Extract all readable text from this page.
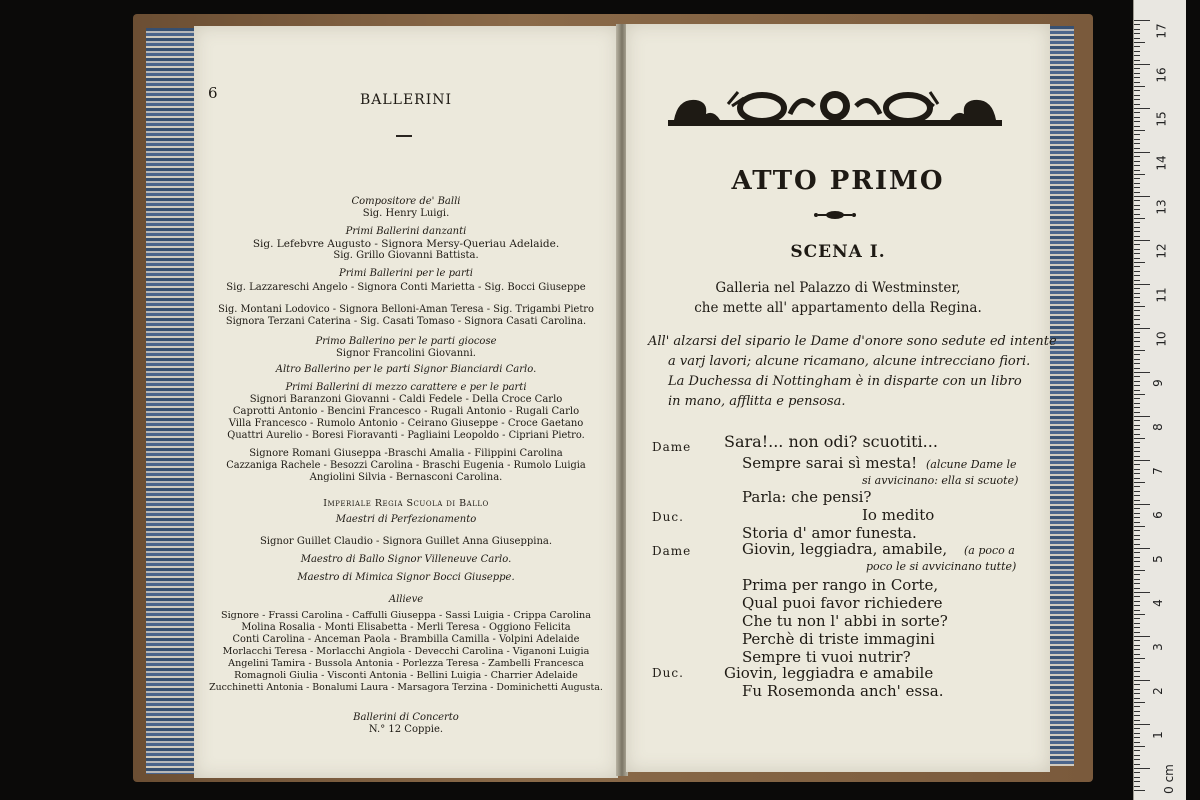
6	BALLERINI
Compositore de' Balli
Sig. Henry Luigi.
Primi Ballerini danzanti
Sig. Lefebvre Augusto - Signora Mersy-Queriau Adelaide.
Sig. Grillo Giovanni Battista.
Primi Ballerini per le parti
Sig. Lazzareschi Angelo - Signora Conti Marietta - Sig. Bocci Giuseppe
Sig. Montani Lodovico - Signora Belloni-Aman Teresa - Sig. Trigambi Pietro
Signora Terzani Caterina - Sig. Casati Tomaso - Signora Casati Carolina.
Primo Ballerino per le parti giocose
Signor Francolini Giovanni.
Altro Ballerino per le parti Signor Bianciardi Carlo.
Primi Ballerini di mezzo carattere e per le parti
Signori Baranzoni Giovanni - Caldi Fedele - Della Croce Carlo
Caprotti Antonio - Bencini Francesco - Rugali Antonio - Rugali Carlo
Villa Francesco - Rumolo Antonio - Ceirano Giuseppe - Croce Gaetano
Quattri Aurelio - Boresi Fioravanti - Pagliaini Leopoldo - Cipriani Pietro.
Signore Romani Giuseppa -Braschi Amalia - Filippini Carolina
Cazzaniga Rachele - Besozzi Carolina - Braschi Eugenia - Rumolo Luigia
Angiolini Silvia - Bernasconi Carolina.
Imperiale Regia Scuola di Ballo
Maestri di Perfezionamento
Signor Guillet Claudio - Signora Guillet Anna Giuseppina.
Maestro di Ballo Signor Villeneuve Carlo.
Maestro di Mimica Signor Bocci Giuseppe.
Allieve
Signore - Frassi Carolina - Caffulli Giuseppa - Sassi Luigia - Crippa Carolina
Molina Rosalia - Monti Elisabetta - Merli Teresa - Oggiono Felicita
Conti Carolina - Anceman Paola - Brambilla Camilla - Volpini Adelaide
Morlacchi Teresa - Morlacchi Angiola - Devecchi Carolina - Viganoni Luigia
Angelini Tamira - Bussola Antonia - Porlezza Teresa - Zambelli Francesca
Romagnoli Giulia - Visconti Antonia - Bellini Luigia - Charrier Adelaide
Zucchinetti Antonia - Bonalumi Laura - Marsagora Terzina - Dominichetti Augusta.
Ballerini di Concerto
N.° 12 Coppie.
ATTO PRIMO
SCENA I.
Galleria nel Palazzo di Westminster,
che mette all' appartamento della Regina.
All' alzarsi del sipario le Dame d'onore sono sedute ed intente
a varj lavori; alcune ricamano, alcune intrecciano fiori.
La Duchessa di Nottingham è in disparte con un libro
in mano, afflitta e pensosa.
Dame
Duc.
Dame
Duc.
Sara!... non odi? scuotiti...
Sempre sarai sì mesta!
Parla: che pensi?
Io medito
Storia d' amor funesta.
Giovin, leggiadra, amabile,
Prima per rango in Corte,
Qual puoi favor richiedere
Che tu non l' abbi in sorte?
Perchè di triste immagini
Sempre ti vuoi nutrir?
Giovin, leggiadra e amabile
Fu Rosemonda anch' essa.
(alcune Dame le
si avvicinano: ella si scuote)
(a poco a
poco le si avvicinano tutte)
17
16
15
14
13
12
11
10
9
8
7
6
5
4
3
2
1
0 cm
